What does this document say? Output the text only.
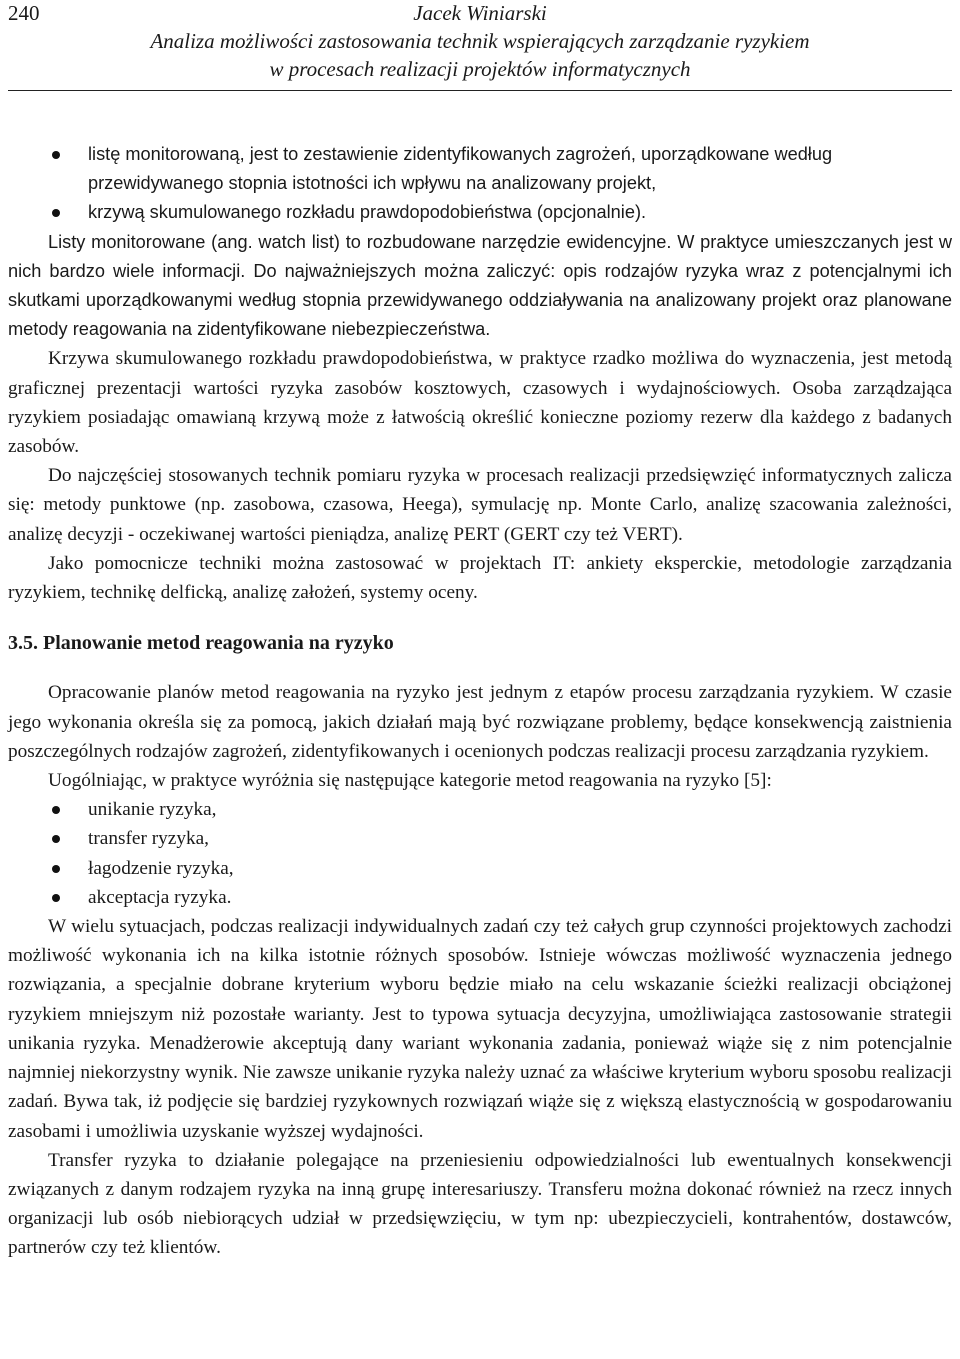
240	Jacek Winiarski
Analiza możliwości zastosowania technik wspierających zarządzanie ryzykiem
w procesach realizacji projektów informatycznych
listę monitorowaną, jest to zestawienie zidentyfikowanych zagrożeń, uporządkowane według przewidywanego stopnia istotności ich wpływu na analizowany projekt,
krzywą skumulowanego rozkładu prawdopodobieństwa (opcjonalnie).

Listy monitorowane (ang. watch list) to rozbudowane narzędzie ewidencyjne. W praktyce umieszczanych jest w nich bardzo wiele informacji. Do najważniejszych można zaliczyć: opis rodzajów ryzyka wraz z potencjalnymi ich skutkami uporządkowanymi według stopnia przewidywanego oddziaływania na analizowany projekt oraz planowane metody reagowania na zidentyfikowane niebezpieczeństwa.

Krzywa skumulowanego rozkładu prawdopodobieństwa, w praktyce rzadko możliwa do wyznaczenia, jest metodą graficznej prezentacji wartości ryzyka zasobów kosztowych, czasowych i wydajnościowych. Osoba zarządzająca ryzykiem posiadając omawianą krzywą może z łatwością określić konieczne poziomy rezerw dla każdego z badanych zasobów.

Do najczęściej stosowanych technik pomiaru ryzyka w procesach realizacji przedsięwzięć informatycznych zalicza się: metody punktowe (np. zasobowa, czasowa, Heega), symulację np. Monte Carlo, analizę szacowania zależności, analizę decyzji - oczekiwanej wartości pieniądza, analizę PERT (GERT czy też VERT).

Jako pomocnicze techniki można zastosować w projektach IT: ankiety eksperckie, metodologie zarządzania ryzykiem, technikę delficką, analizę założeń, systemy oceny.

3.5. Planowanie metod reagowania na ryzyko

Opracowanie planów metod reagowania na ryzyko jest jednym z etapów procesu zarządzania ryzykiem. W czasie jego wykonania określa się za pomocą, jakich działań mają być rozwiązane problemy, będące konsekwencją zaistnienia poszczególnych rodzajów zagrożeń, zidentyfikowanych i ocenionych podczas realizacji procesu zarządzania ryzykiem.

Uogólniając, w praktyce wyróżnia się następujące kategorie metod reagowania na ryzyko [5]:

unikanie ryzyka,
transfer ryzyka,
łagodzenie ryzyka,
akceptacja ryzyka.

W wielu sytuacjach, podczas realizacji indywidualnych zadań czy też całych grup czynności projektowych zachodzi możliwość wykonania ich na kilka istotnie różnych sposobów. Istnieje wówczas możliwość wyznaczenia jednego rozwiązania, a specjalnie dobrane kryterium wyboru będzie miało na celu wskazanie ścieżki realizacji obciążonej ryzykiem mniejszym niż pozostałe warianty. Jest to typowa sytuacja decyzyjna, umożliwiająca zastosowanie strategii unikania ryzyka. Menadżerowie akceptują dany wariant wykonania zadania, ponieważ wiąże się z nim potencjalnie najmniej niekorzystny wynik. Nie zawsze unikanie ryzyka należy uznać za właściwe kryterium wyboru sposobu realizacji zadań. Bywa tak, iż podjęcie się bardziej ryzykownych rozwiązań wiąże się z większą elastycznością w gospodarowaniu zasobami i umożliwia uzyskanie wyższej wydajności.

Transfer ryzyka to działanie polegające na przeniesieniu odpowiedzialności lub ewentualnych konsekwencji związanych z danym rodzajem ryzyka na inną grupę interesariuszy. Transferu można dokonać również na rzecz innych organizacji lub osób niebiorących udział w przedsięwzięciu, w tym np: ubezpieczycieli, kontrahentów, dostawców, partnerów czy też klientów.
